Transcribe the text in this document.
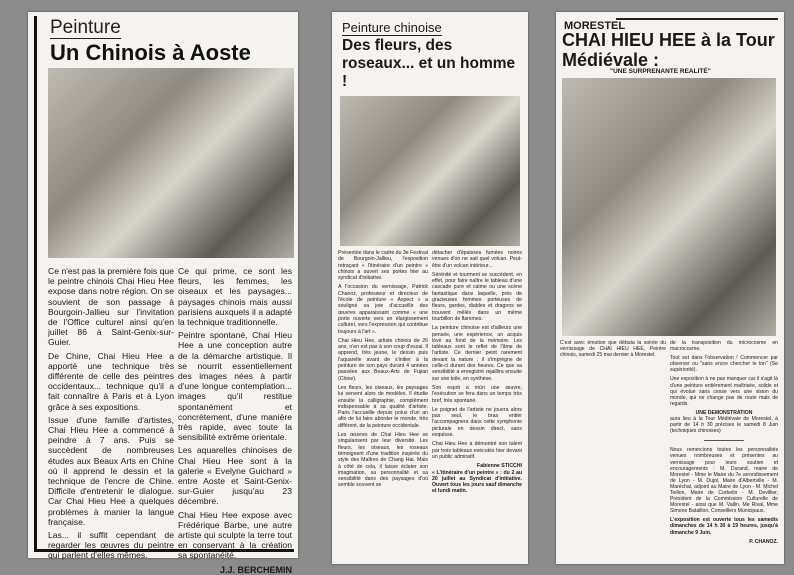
Peinture
Un Chinois à Aoste

Ce n'est pas la première fois que le peintre chinois Chai Hieu Hee expose dans notre région. On se souvient de son passage à Bourgoin-Jallieu sur l'invitation de l'Office culturel ainsi qu'en juillet 86 à Saint-Genix-sur-Guier.

De Chine, Chai Hieu Hee a apporté une technique très différente de celle des peintres occidentaux... technique qu'il a fait connaître à Paris et à Lyon grâce à ses expositions.

Issue d'une famille d'artistes, Chai Hieu Hee a commencé à peindre à 7 ans. Puis se succèdent de nombreuses études aux Beaux Arts en Chine où il apprend le dessin et la technique de l'encre de Chine. Difficile d'entretenir le dialogue. Car Chai Hieu Hee a quelques problèmes à manier la langue française.

Las... il suffit cependant de regarder les œuvres du peintre qui parlent d'elles mêmes.

Ce qui prime, ce sont les fleurs, les femmes, les oiseaux et les paysages... paysages chinois mais aussi parisiens auxquels il a adapté la technique traditionnelle.

Peintre spontané, Chai Hieu Hee a une conception autre de la démarche artistique. Il se nourrit essentiellement des images nées à partir d'une longue contemplation... images qu'il restitue spontanément et concrètement, d'une manière très rapide, avec toute la sensibilité extrême orientale.

Les aquarelles chinoises de Chai Hieu Hee sont à la galerie « Evelyne Guichard » entre Aoste et Saint-Genix-sur-Guier jusqu'au 23 décembre.

Chai Hieu Hee expose avec Frédérique Barbe, une autre artiste qui sculpte la terre tout en conservant à la création sa spontanéité.

J.J. BERCHEMIN
Peinture chinoise
Des fleurs, des roseaux... et un homme !

Présentée dans le cadre du 3e Festival de Bourgoin-Jallieu, l'exposition retraçant « l'itinéraire d'un peintre » chinois a ouvert ses portes hier au syndicat d'initiative.

A l'occasion du vernissage, Patrick Chanoz, professeur et directeur de l'école de peinture « Aspect » a souligné sa joie d'accueillir des œuvres apparaissant comme « une porte ouverte vers un élargissement culturel, vers l'expression qui contribue toujours à l'art ».

Chai Hieu Hee, artiste chinois de 26 ans, n'en est pas à son coup d'essai. Il apprend, très jeune, le dessin puis l'aquarelle avant de s'initier à la peinture de son pays durant 4 années passées aux Beaux-Arts de Fujian (Chine).

Les fleurs, les oiseaux, les paysages lui servent alors de modèles. Il étudie ensuite la calligraphie, complément indispensable à sa qualité d'artiste. Paris l'accueille depuis polus d'un an afin de lui faire aborder le monde, très différent, de la peinture occidentale.

Les œuvres de Chai Hieu Hee se singularisent par leur diversité. Les fleurs, les oiseaux, les roseaux témoignent d'une tradition inspirée du style des Maîtres de Chang Hai. Mais à côté de cela, il laisse éclater son imagination, sa personnalité et sa sensibilité dans des paysages d'où semble souvent se

détacher d'épaisses fumées noires venues d'on ne sait quel volcan. Peut-être d'un volcan intérieur...

Sérénité et tourment se succèdent, en effet, pour faire naître le tableau d'une cascade pure et calme ou une scène fantastique dans laquelle, près de gracieuses femmes porteuses de fleurs, gardes, diables et dragons se trouvent mêlés dans un même tourbillon de flammes.

La peinture chinoise est d'ailleurs une pensée, une expérience, un acquis lové au fond de la mémoire. Les tableaux sont le reflet de l'âme de l'artiste. Ce dernier peint rarement devant la nature ; il s'imprègne de celle-ci durant des heures. Ce que sa sensibilité a enregistré rejaillira ensuite sur une toile, en synthèse.

Son esprit a mûri une œuvre, l'exécution se fera dans un temps très bref, très spontané.

Le poignet de l'artiste ne jouera alors pas seul, le bras entier l'accompagnera dans cette symphonie picturale en dessin direct, sans esquisse.

Chai Hieu Hee a démontré son talent par trois tableaux exécutés hier devant un public admiratif.

Fabienne STICCHI

« L'itinéraire d'un peintre » : du 2 au 20 juillet au Syndicat d'initiative. Ouvert tous les jours sauf dimanche et lundi matin.

MORESTEL
CHAI HIEU HEE à la Tour Médiévale :
"UNE SURPRENANTE REALITÉ"

C'est avec émotion que débuta la soirée du vernissage de CHAI HIEU HEE, Peintre chinois, samedi 25 mai dernier à Morestel.

de la transposition du microcosme en macrocosme.

Tout est dans l'observation ! Commencer par observer ou "sans encre chercher le ton" (Se supériorité).

Une exposition à ne pas manquer car il s'agit là d'une peinture entièrement maîtrisée, solide et qui évolue sans cesse vers une vision du monde, qui ne change pas de route mais de regards.

UNE DEMONSTRATION

aura lieu à la Tour Médiévale de Morestel, à partir de 14 h 30 précises le samedi 8 Juin (techniques chinoises)

Nous remercions toutes les personnalités venues nombreuses et présentes au vernissage pour leurs soutien et encouragements : M. Durand, maire de Morestel - Mme le Maire du 7e arrondissement de Lyon - M. Dujol, Maire d'Albertville - M. Maréchal, adjoint au Maire de Lyon - M. Michel Teillon, Maire de Corbelin - M. Devillier, Président de la Commission Culturelle de Morestel - ainsi que M. Vallin, Me Rival, Mme Simone Bataillon, Conseillers Municipaux.

L'exposition est ouverte tous les samedis dimanches de 14 h 30 à 19 heures, jusqu'à dimanche 9 Juin.

P. CHANOZ.
